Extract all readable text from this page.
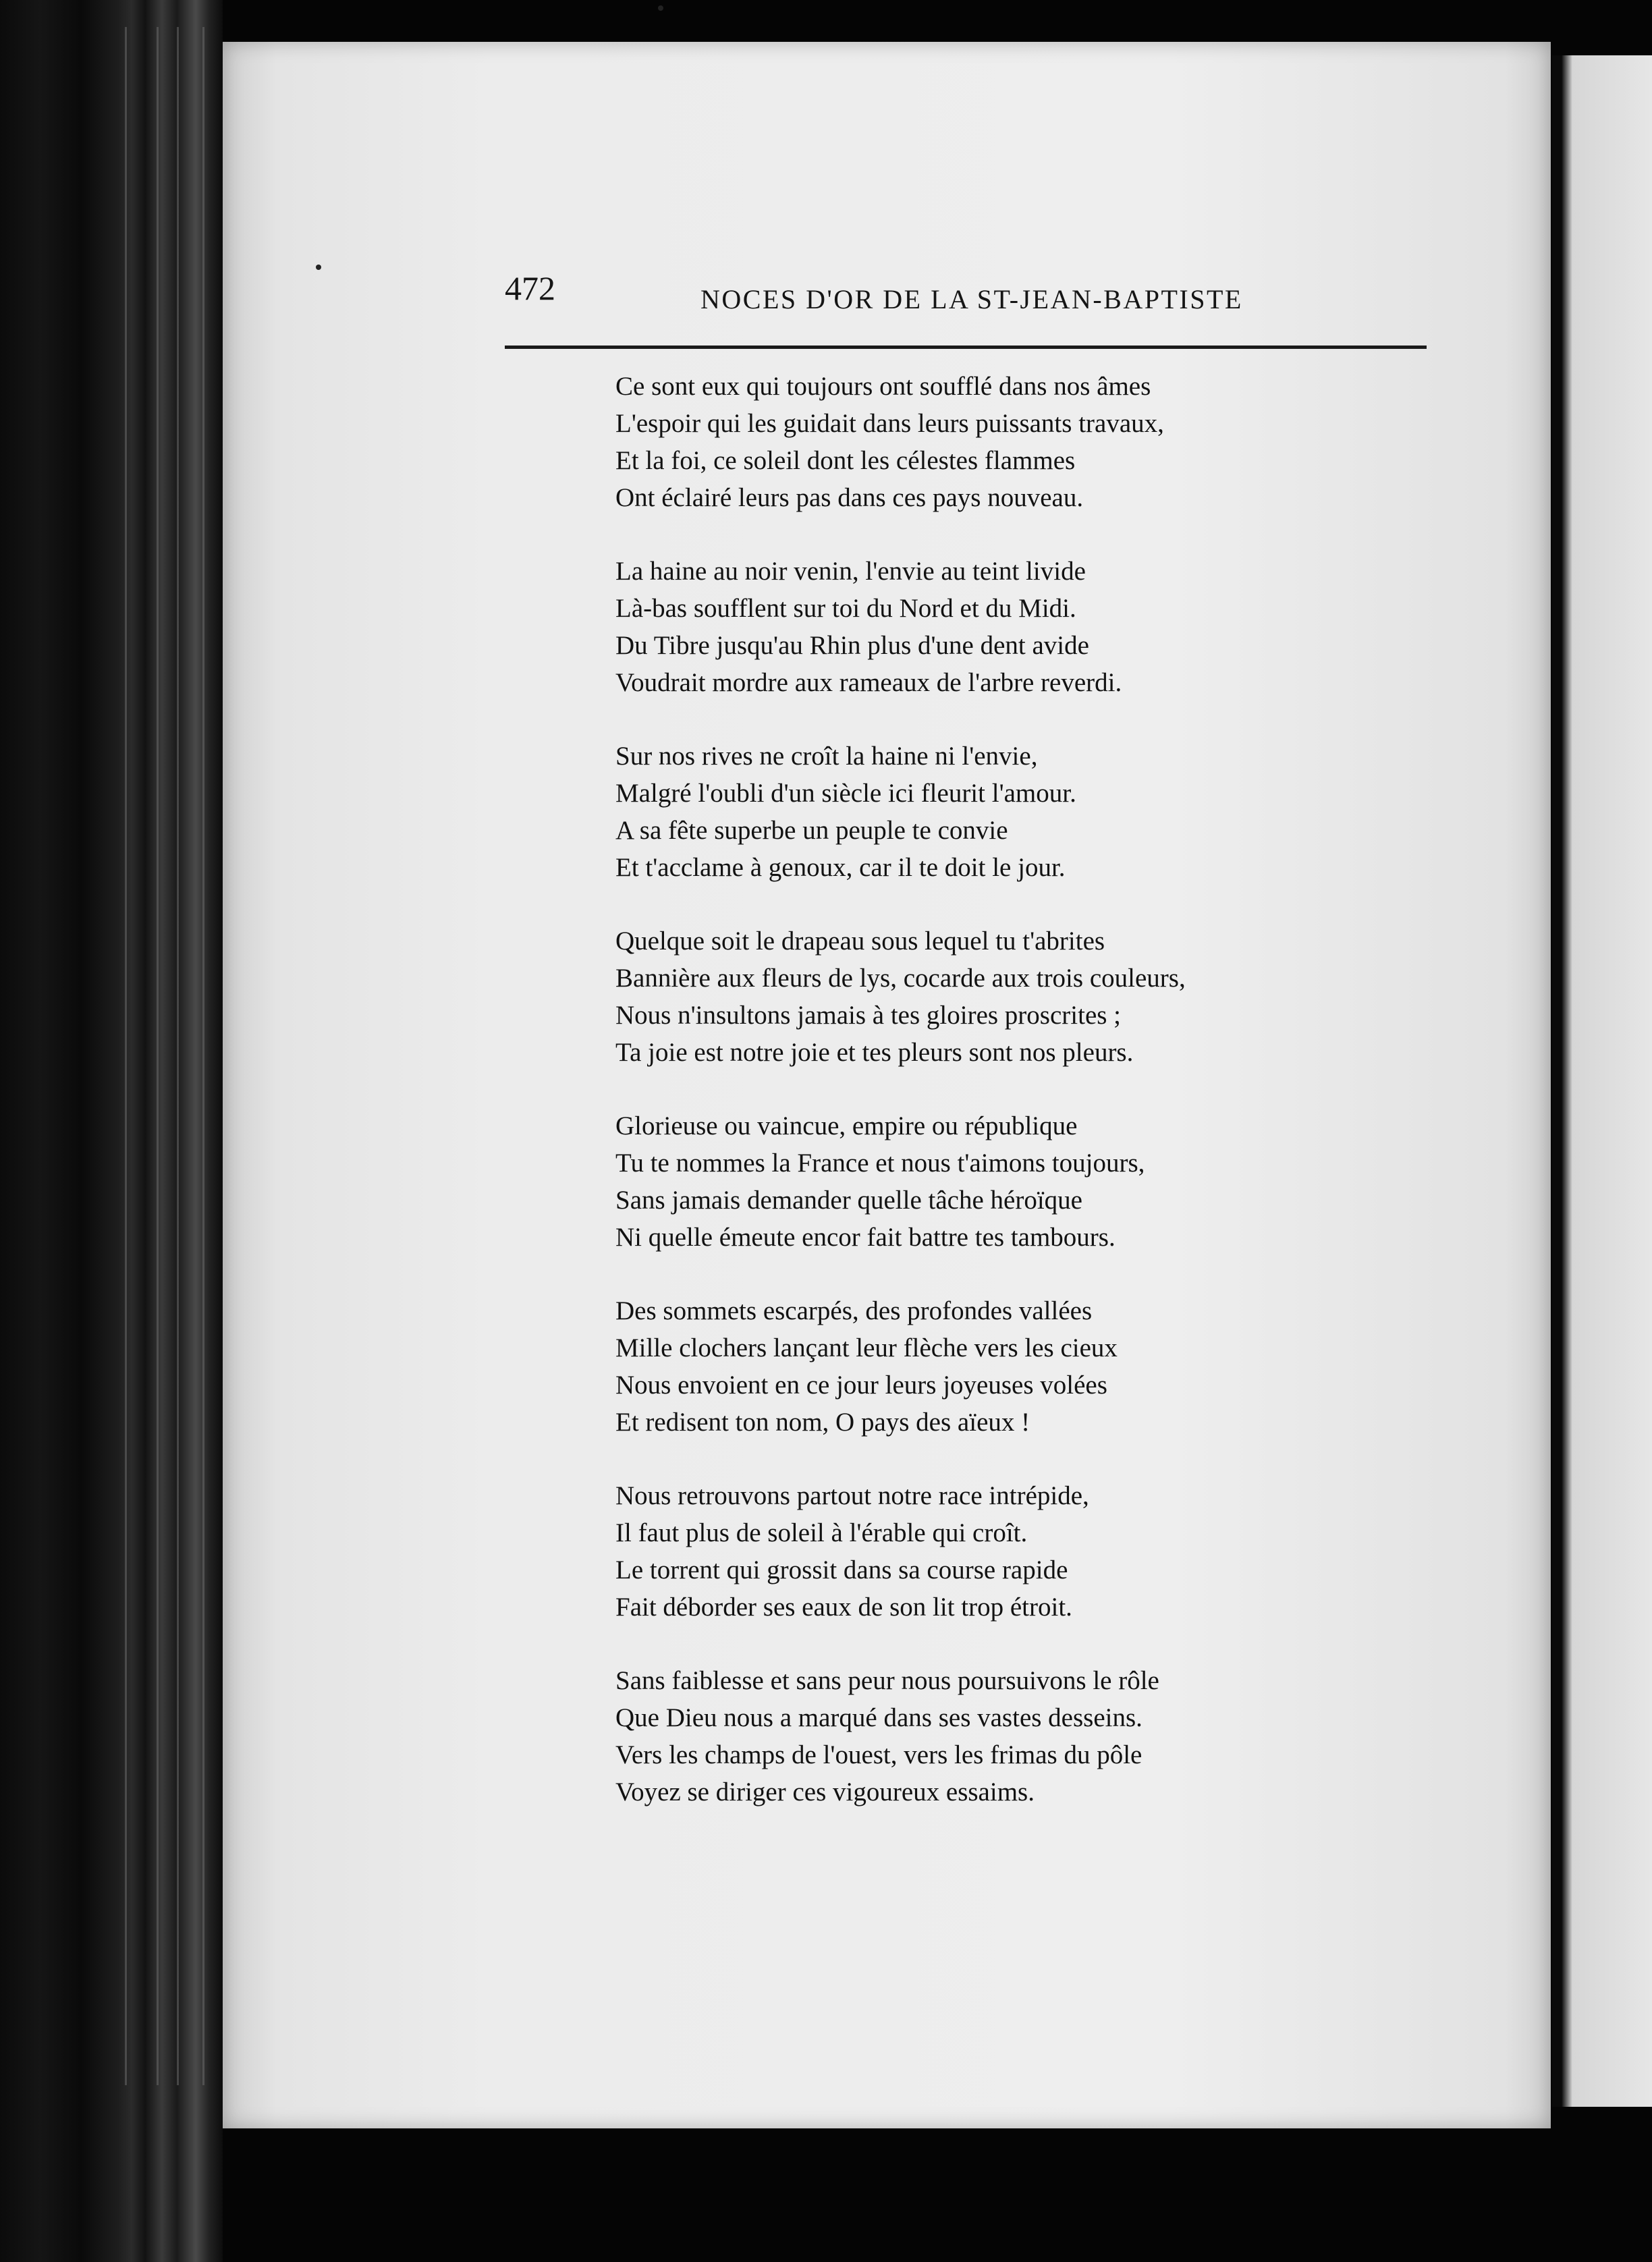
472	NOCES D'OR DE LA ST-JEAN-BAPTISTE
Ce sont eux qui toujours ont soufflé dans nos âmes
L'espoir qui les guidait dans leurs puissants travaux,
Et la foi, ce soleil dont les célestes flammes
Ont éclairé leurs pas dans ces pays nouveau.
La haine au noir venin, l'envie au teint livide
Là-bas soufflent sur toi du Nord et du Midi.
Du Tibre jusqu'au Rhin plus d'une dent avide
Voudrait mordre aux rameaux de l'arbre reverdi.
Sur nos rives ne croît la haine ni l'envie,
Malgré l'oubli d'un siècle ici fleurit l'amour.
A sa fête superbe un peuple te convie
Et t'acclame à genoux, car il te doit le jour.
Quelque soit le drapeau sous lequel tu t'abrites
Bannière aux fleurs de lys, cocarde aux trois couleurs,
Nous n'insultons jamais à tes gloires proscrites ;
Ta joie est notre joie et tes pleurs sont nos pleurs.
Glorieuse ou vaincue, empire ou république
Tu te nommes la France et nous t'aimons toujours,
Sans jamais demander quelle tâche héroïque
Ni quelle émeute encor fait battre tes tambours.
Des sommets escarpés, des profondes vallées
Mille clochers lançant leur flèche vers les cieux
Nous envoient en ce jour leurs joyeuses volées
Et redisent ton nom, O pays des aïeux !
Nous retrouvons partout notre race intrépide,
Il faut plus de soleil à l'érable qui croît.
Le torrent qui grossit dans sa course rapide
Fait déborder ses eaux de son lit trop étroit.
Sans faiblesse et sans peur nous poursuivons le rôle
Que Dieu nous a marqué dans ses vastes desseins.
Vers les champs de l'ouest, vers les frimas du pôle
Voyez se diriger ces vigoureux essaims.
